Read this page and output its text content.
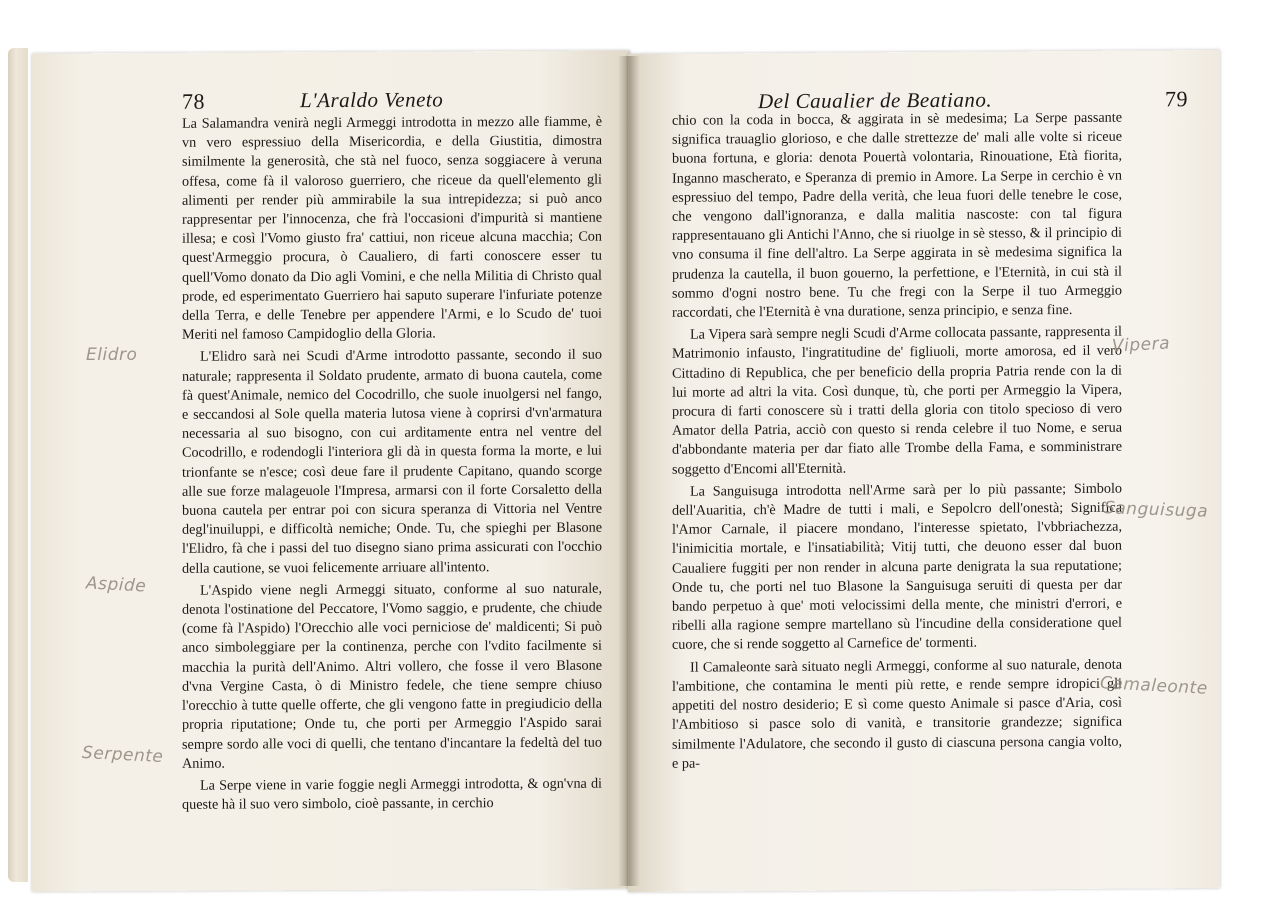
78	L'Araldo Veneto

La Salamandra venirà negli Armeggi introdotta in mezzo alle fiamme, è vn vero espressiuo della Misericordia, e della Giustitia, dimostra similmente la generosità, che stà nel fuoco, senza soggiacere à veruna offesa, come fà il valoroso guerriero, che riceue da quell'elemento gli alimenti per render più ammirabile la sua intrepidezza; si può anco rappresentar per l'innocenza, che frà l'occasioni d'impurità si mantiene illesa; e così l'Vomo giusto fra' cattiui, non riceue alcuna macchia; Con quest'Armeggio procura, ò Caualiero, di farti conoscere esser tu quell'Vomo donato da Dio agli Vomini, e che nella Militia di Christo qual prode, ed esperimentato Guerriero hai saputo superare l'infuriate potenze della Terra, e delle Tenebre per appendere l'Armi, e lo Scudo de' tuoi Meriti nel famoso Campidoglio della Gloria.

L'Elidro sarà nei Scudi d'Arme introdotto passante, secondo il suo naturale; rappresenta il Soldato prudente, armato di buona cautela, come fà quest'Animale, nemico del Cocodrillo, che suole inuolgersi nel fango, e seccandosi al Sole quella materia lutosa viene à coprirsi d'vn'armatura necessaria al suo bisogno, con cui arditamente entra nel ventre del Cocodrillo, e rodendogli l'interiora gli dà in questa forma la morte, e lui trionfante se n'esce; così deue fare il prudente Capitano, quando scorge alle sue forze malageuole l'Impresa, armarsi con il forte Corsaletto della buona cautela per entrar poi con sicura speranza di Vittoria nel Ventre degl'inuiluppi, e difficoltà nemiche; Onde. Tu, che spieghi per Blasone l'Elidro, fà che i passi del tuo disegno siano prima assicurati con l'occhio della cautione, se vuoi felicemente arriuare all'intento.

L'Aspido viene negli Armeggi situato, conforme al suo naturale, denota l'ostinatione del Peccatore, l'Vomo saggio, e prudente, che chiude (come fà l'Aspido) l'Orecchio alle voci perniciose de' maldicenti; Si può anco simboleggiare per la continenza, perche con l'vdito facilmente si macchia la purità dell'Animo. Altri vollero, che fosse il vero Blasone d'vna Vergine Casta, ò di Ministro fedele, che tiene sempre chiuso l'orecchio à tutte quelle offerte, che gli vengono fatte in pregiudicio della propria riputatione; Onde tu, che porti per Armeggio l'Aspido sarai sempre sordo alle voci di quelli, che tentano d'incantare la fedeltà del tuo Animo.

La Serpe viene in varie foggie negli Armeggi introdotta, & ogn'vna di queste hà il suo vero simbolo, cioè passante, in cerchio

Del Caualier de Beatiano.	79

chio con la coda in bocca, & aggirata in sè medesima; La Serpe passante significa trauaglio glorioso, e che dalle strettezze de' mali alle volte si riceue buona fortuna, e gloria: denota Pouertà volontaria, Rinouatione, Età fiorita, Inganno mascherato, e Speranza di premio in Amore. La Serpe in cerchio è vn espressiuo del tempo, Padre della verità, che leua fuori delle tenebre le cose, che vengono dall'ignoranza, e dalla malitia nascoste: con tal figura rappresentauano gli Antichi l'Anno, che si riuolge in sè stesso, & il principio di vno consuma il fine dell'altro. La Serpe aggirata in sè medesima significa la prudenza la cautella, il buon gouerno, la perfettione, e l'Eternità, in cui stà il sommo d'ogni nostro bene. Tu che fregi con la Serpe il tuo Armeggio raccordati, che l'Eternità è vna duratione, senza principio, e senza fine.

La Vipera sarà sempre negli Scudi d'Arme collocata passante, rappresenta il Matrimonio infausto, l'ingratitudine de' figliuoli, morte amorosa, ed il vero Cittadino di Republica, che per beneficio della propria Patria rende con la di lui morte ad altri la vita. Così dunque, tù, che porti per Armeggio la Vipera, procura di farti conoscere sù i tratti della gloria con titolo specioso di vero Amator della Patria, acciò con questo si renda celebre il tuo Nome, e serua d'abbondante materia per dar fiato alle Trombe della Fama, e somministrare soggetto d'Encomi all'Eternità.

La Sanguisuga introdotta nell'Arme sarà per lo più passante; Simbolo dell'Auaritia, ch'è Madre de tutti i mali, e Sepolcro dell'onestà; Significa l'Amor Carnale, il piacere mondano, l'interesse spietato, l'vbbriachezza, l'inimicitia mortale, e l'insatiabilità; Vitij tutti, che deuono esser dal buon Caualiere fuggiti per non render in alcuna parte denigrata la sua reputatione; Onde tu, che porti nel tuo Blasone la Sanguisuga seruiti di questa per dar bando perpetuo à que' moti velocissimi della mente, che ministri d'errori, e ribelli alla ragione sempre martellano sù l'incudine della consideratione quel cuore, che si rende soggetto al Carnefice de' tormenti.

Il Camaleonte sarà situato negli Armeggi, conforme al suo naturale, denota l'ambitione, che contamina le menti più rette, e rende sempre idropici gli appetiti del nostro desiderio; E sì come questo Animale si pasce d'Aria, così l'Ambitioso si pasce solo di vanità, e transitorie grandezze; significa similmente l'Adulatore, che secondo il gusto di ciascuna persona cangia volto, e pa-

Elidro
Aspide
Serpente
Vipera
Sanguisuga
Camaleonte
